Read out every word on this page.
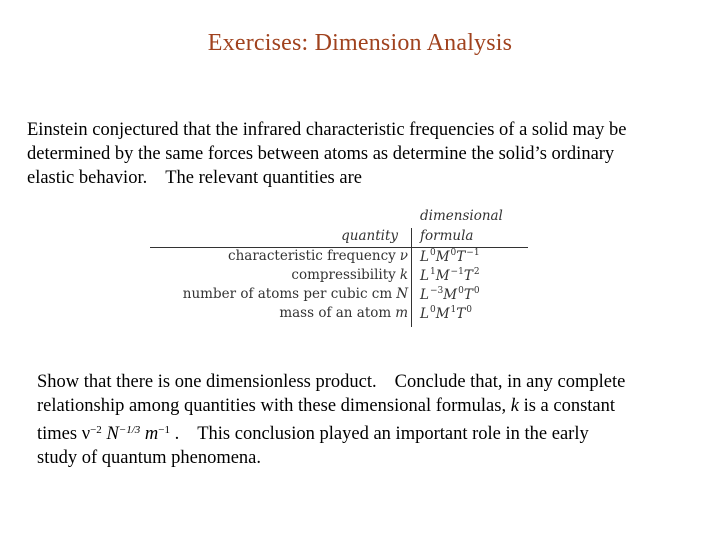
Exercises: Dimension Analysis
Einstein conjectured that the infrared characteristic frequencies of a solid may be
determined by the same forces between atoms as determine the solid’s ordinary
elastic behavior. The relevant quantities are
dimensional
quantity formula
characteristic frequency ν $L^0M^0T^{-1}$
compressibility k $L^1M^{-1}T^2$
number of atoms per cubic cm N $L^{-3}M^0T^0$
mass of an atom m $L^0M^1T^0$
Show that there is one dimensionless product. Conclude that, in any complete
relationship among quantities with these dimensional formulas, k is a constant
times $\nu^{-2}$ $N^{-1/3}$ $m^{-1}$ . This conclusion played an important role in the early
study of quantum phenomena.
